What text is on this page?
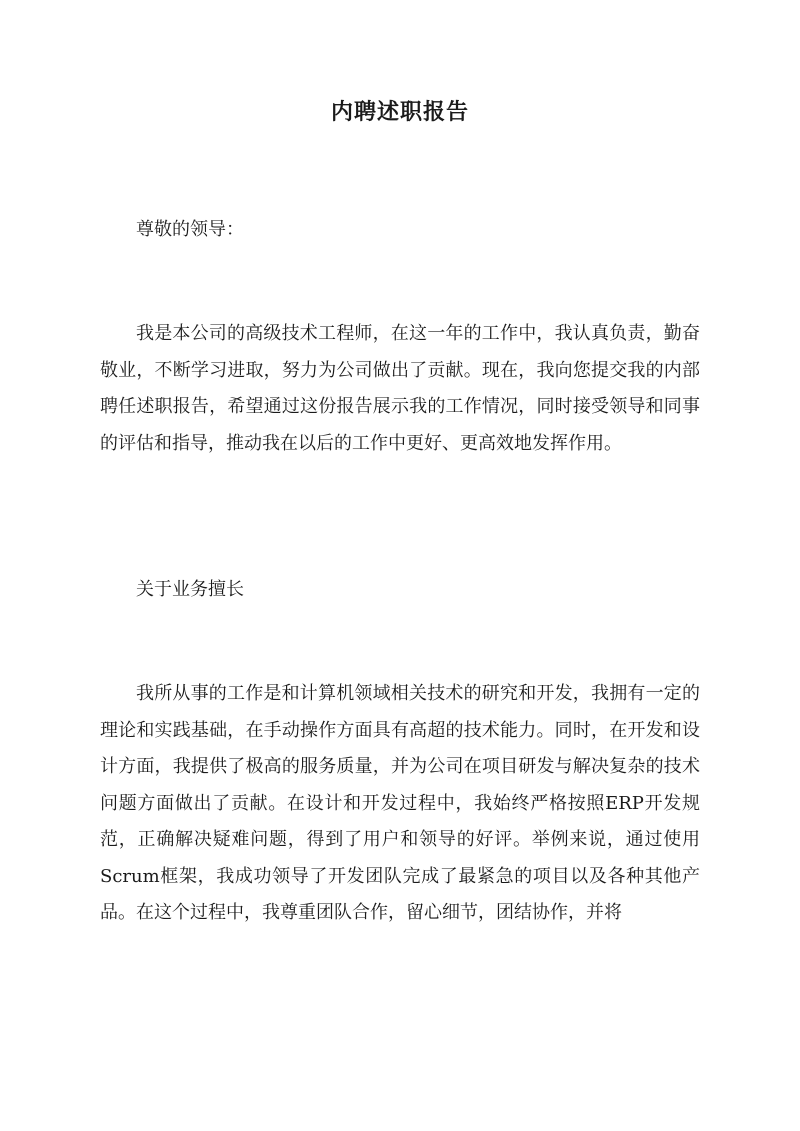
内聘述职报告
尊敬的领导：
我是本公司的高级技术工程师，在这一年的工作中，我认真负责，勤奋敬业，不断学习进取，努力为公司做出了贡献。现在，我向您提交我的内部聘任述职报告，希望通过这份报告展示我的工作情况，同时接受领导和同事的评估和指导，推动我在以后的工作中更好、更高效地发挥作用。
关于业务擅长
我所从事的工作是和计算机领域相关技术的研究和开发，我拥有一定的理论和实践基础，在手动操作方面具有高超的技术能力。同时，在开发和设计方面，我提供了极高的服务质量，并为公司在项目研发与解决复杂的技术问题方面做出了贡献。在设计和开发过程中，我始终严格按照ERP开发规范，正确解决疑难问题，得到了用户和领导的好评。举例来说，通过使用Scrum框架，我成功领导了开发团队完成了最紧急的项目以及各种其他产品。在这个过程中，我尊重团队合作，留心细节，团结协作，并将
